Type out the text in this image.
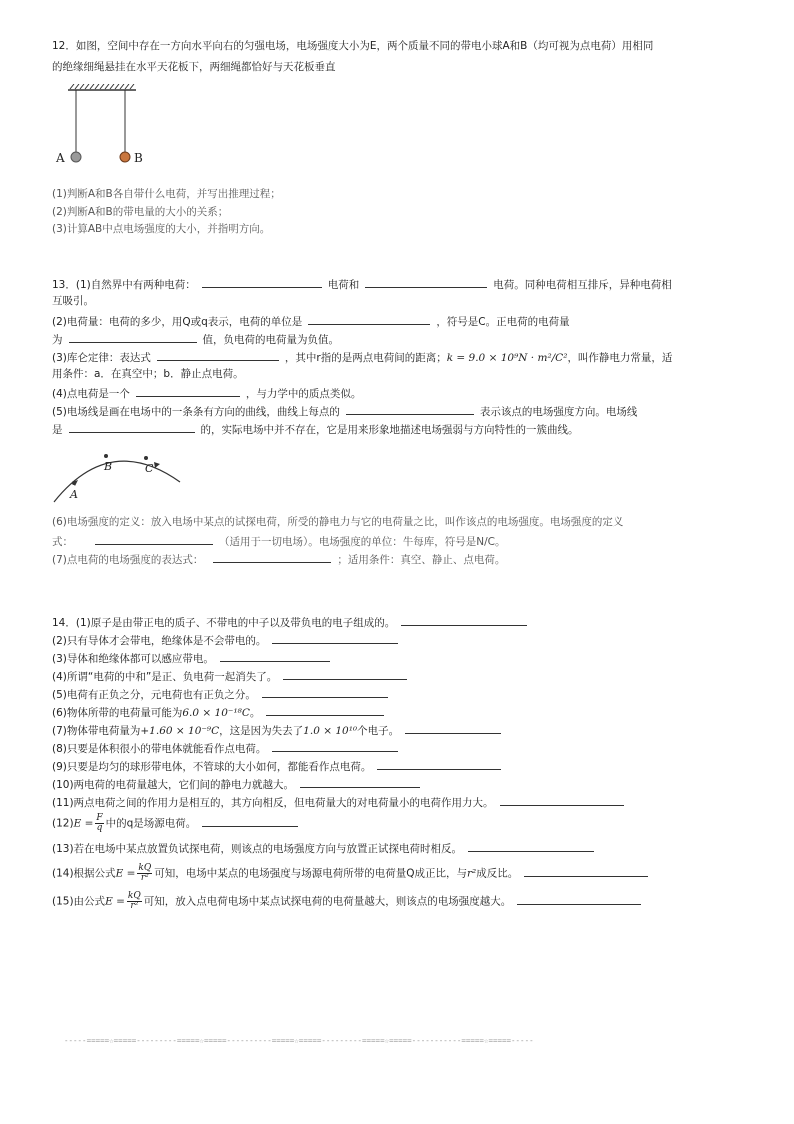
12．如图，空间中存在一方向水平向右的匀强电场，电场强度大小为E，两个质量不同的带电小球A和B（均可视为点电荷）用相同
的绝缘细绳悬挂在水平天花板下，两细绳都恰好与天花板垂直
A	B
(1)判断A和B各自带什么电荷，并写出推理过程；
(2)判断A和B的带电量的大小的关系；
(3)计算AB中点电场强度的大小，并指明方向。
13．(1)自然界中有两种电荷：	电荷和	电荷。同种电荷相互排斥，异种电荷相
互吸引。
(2)电荷量：电荷的多少，用Q或q表示，电荷的单位是	，符号是C。正电荷的电荷量
为	值，负电荷的电荷量为负值。
(3)库仑定律：表达式	，其中r指的是两点电荷间的距离；k = 9.0 × 10⁹N · m²/C²，叫作静电力常量，适
用条件：a．在真空中；b．静止点电荷。
(4)点电荷是一个	，与力学中的质点类似。
(5)电场线是画在电场中的一条条有方向的曲线，曲线上每点的	表示该点的电场强度方向。电场线
是	的，实际电场中并不存在，它是用来形象地描述电场强弱与方向特性的一簇曲线。
A
B	C
(6)电场强度的定义：放入电场中某点的试探电荷，所受的静电力与它的电荷量之比，叫作该点的电场强度。电场强度的定义
式：	（适用于一切电场）。电场强度的单位：牛每库，符号是N/C。
(7)点电荷的电场强度的表达式：	；适用条件：真空、静止、点电荷。
14．(1)原子是由带正电的质子、不带电的中子以及带负电的电子组成的。
(2)只有导体才会带电，绝缘体是不会带电的。
(3)导体和绝缘体都可以感应带电。
(4)所谓“电荷的中和”是正、负电荷一起消失了。
(5)电荷有正负之分，元电荷也有正负之分。
(6)物体所带的电荷量可能为6.0 × 10⁻¹⁸C。
(7)物体带电荷量为+1.60 × 10⁻⁹C，这是因为失去了1.0 × 10¹⁰个电子。
(8)只要是体积很小的带电体就能看作点电荷。
(9)只要是均匀的球形带电体，不管球的大小如何，都能看作点电荷。
(10)两电荷的电荷量越大，它们间的静电力就越大。
(11)两点电荷之间的作用力是相互的，其方向相反，但电荷量大的对电荷量小的电荷作用力大。
$(12)E = \frac{F}{q}$ 中的q是场源电荷。
(13)若在电场中某点放置负试探电荷，则该点的电场强度方向与放置正试探电荷时相反。
(14)根据公式$E = \frac{kQ}{\text{r²}}$ 可知，电场中某点的电场强度与场源电荷所带的电荷量Q成正比，与r²成反比。
(15)由公式$E = \frac{kQ}{\text{r²}}$ 可知，放入点电荷电场中某点试探电荷的电荷量越大，则该点的电场强度越大。
-----=====☆=====---------=====☆=====----------=====☆=====---------=====☆=====-----------=====☆=====-----
